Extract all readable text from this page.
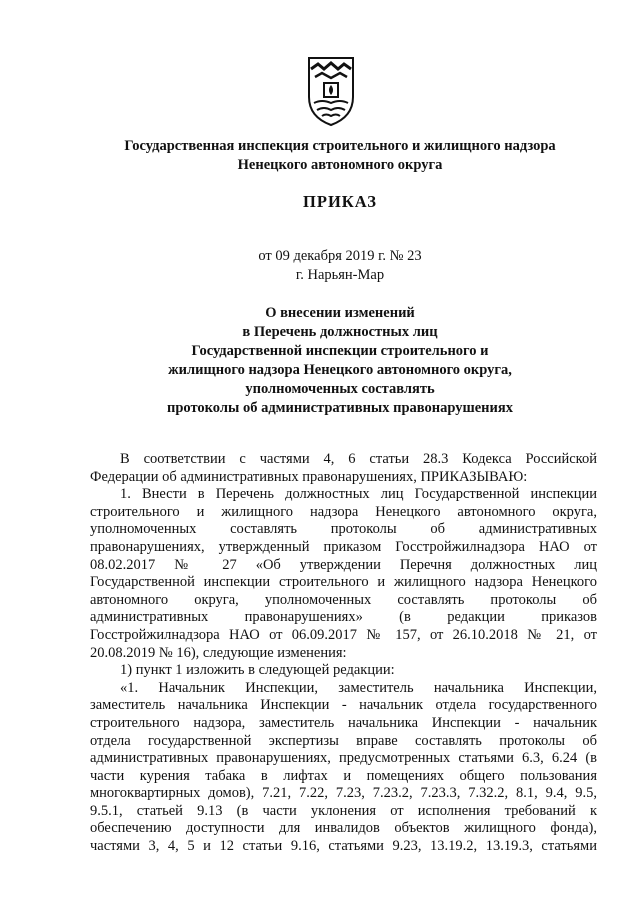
Государственная инспекция строительного и жилищного надзора
Ненецкого автономного округа
ПРИКАЗ
от 09 декабря 2019 г. № 23
г. Нарьян-Мар
О внесении изменений
в Перечень должностных лиц
Государственной инспекции строительного и
жилищного надзора Ненецкого автономного округа,
уполномоченных составлять
протоколы об административных правонарушениях

В соответствии с частями 4, 6 статьи 28.3 Кодекса Российской

Федерации об административных правонарушениях, ПРИКАЗЫВАЮ:

1. Внести в Перечень должностных лиц Государственной инспекции

строительного и жилищного надзора Ненецкого автономного округа,

уполномоченных составлять протоколы об административных

правонарушениях, утвержденный приказом Госстройжилнадзора НАО от

08.02.2017 № 27 «Об утверждении Перечня должностных лиц

Государственной инспекции строительного и жилищного надзора Ненецкого

автономного округа, уполномоченных составлять протоколы об

административных правонарушениях» (в редакции приказов

Госстройжилнадзора НАО от 06.09.2017 № 157, от 26.10.2018 № 21, от

20.08.2019 № 16), следующие изменения:

1) пункт 1 изложить в следующей редакции:

«1. Начальник Инспекции, заместитель начальника Инспекции,

заместитель начальника Инспекции - начальник отдела государственного

строительного надзора, заместитель начальника Инспекции - начальник

отдела государственной экспертизы вправе составлять протоколы об

административных правонарушениях, предусмотренных статьями 6.3, 6.24 (в

части курения табака в лифтах и помещениях общего пользования

многоквартирных домов), 7.21, 7.22, 7.23, 7.23.2, 7.23.3, 7.32.2, 8.1, 9.4, 9.5,

9.5.1, статьей 9.13 (в части уклонения от исполнения требований к

обеспечению доступности для инвалидов объектов жилищного фонда),

частями 3, 4, 5 и 12 статьи 9.16, статьями 9.23, 13.19.2, 13.19.3, статьями
